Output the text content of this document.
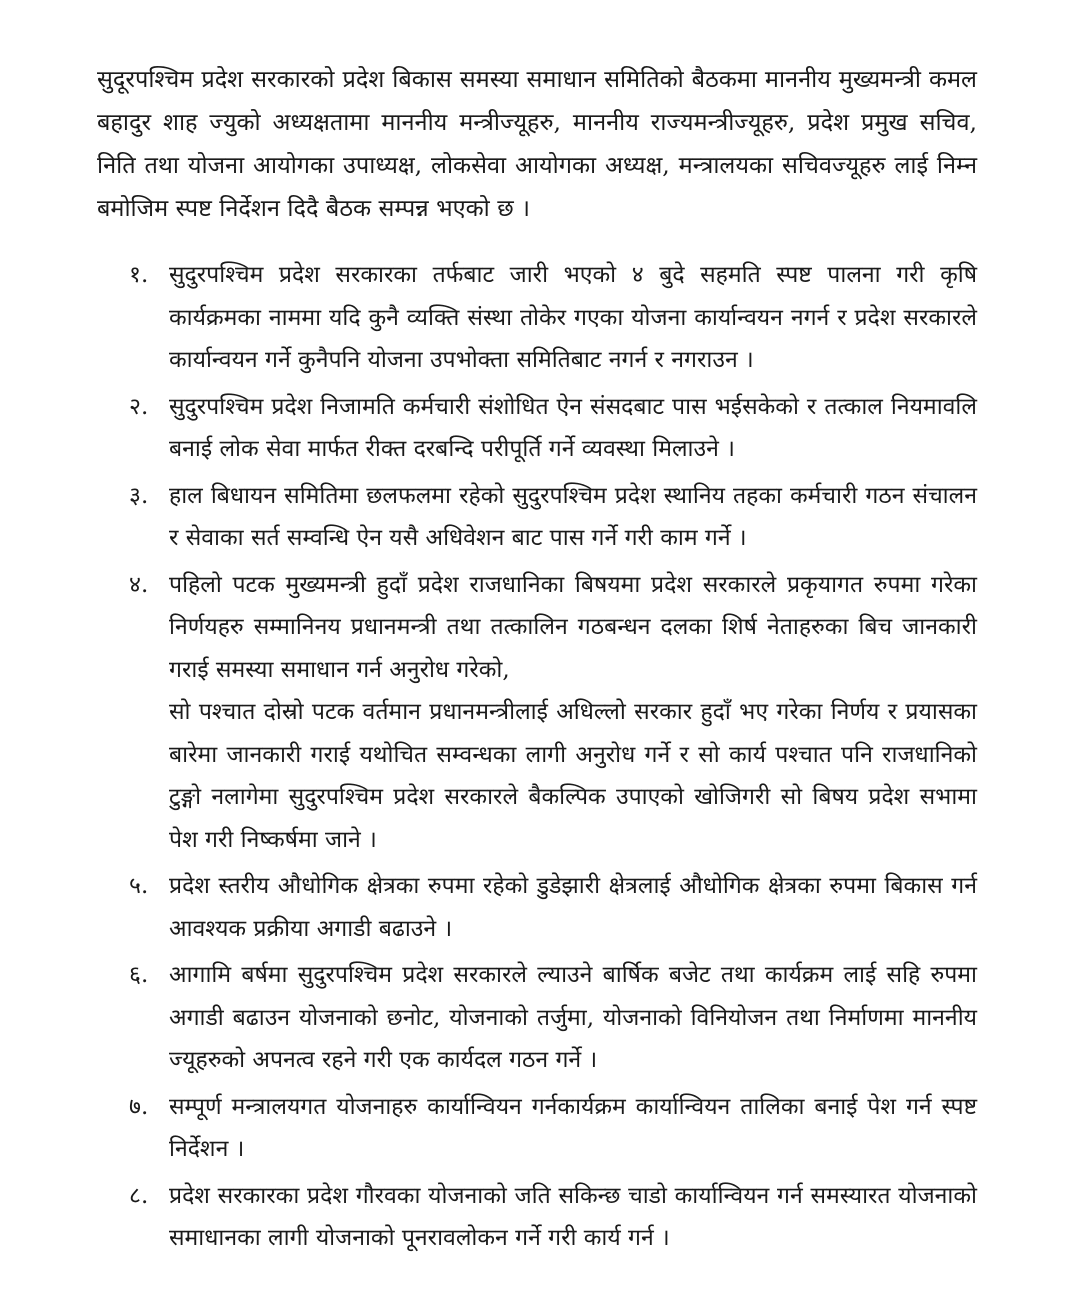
सुदूरपश्चिम प्रदेश सरकारको प्रदेश बिकास समस्या समाधान समितिको बैठकमा माननीय मुख्यमन्त्री कमल बहादुर शाह ज्युको अध्यक्षतामा माननीय मन्त्रीज्यूहरु, माननीय राज्यमन्त्रीज्यूहरु, प्रदेश प्रमुख सचिव, निति तथा योजना आयोगका उपाध्यक्ष, लोकसेवा आयोगका अध्यक्ष, मन्त्रालयका सचिवज्यूहरु लाई निम्न बमोजिम स्पष्ट निर्देशन दिदै बैठक सम्पन्न भएको छ ।

१. सुदुरपश्चिम प्रदेश सरकारका तर्फबाट जारी भएको ४ बुदे सहमति स्पष्ट पालना गरी कृषि कार्यक्रमका नाममा यदि कुनै व्यक्ति संस्था तोकेर गएका योजना कार्यान्वयन नगर्न र प्रदेश सरकारले कार्यान्वयन गर्ने कुनैपनि योजना उपभोक्ता समितिबाट नगर्न र नगराउन ।

२. सुदुरपश्चिम प्रदेश निजामति कर्मचारी संशोधित ऐन संसदबाट पास भईसकेको र तत्काल नियमावलि बनाई लोक सेवा मार्फत रीक्त दरबन्दि परीपूर्ति गर्ने व्यवस्था मिलाउने ।

३. हाल बिधायन समितिमा छलफलमा रहेको सुदुरपश्चिम प्रदेश स्थानिय तहका कर्मचारी गठन संचालन र सेवाका सर्त सम्वन्धि ऐन यसै अधिवेशन बाट पास गर्ने गरी काम गर्ने ।

४. पहिलो पटक मुख्यमन्त्री हुदाँ प्रदेश राजधानिका बिषयमा प्रदेश सरकारले प्रकृयागत रुपमा गरेका निर्णयहरु सम्मानिनय प्रधानमन्त्री तथा तत्कालिन गठबन्धन दलका शिर्ष नेताहरुका बिच जानकारी गराई समस्या समाधान गर्न अनुरोध गरेको,

सो पश्चात दोस्रो पटक वर्तमान प्रधानमन्त्रीलाई अधिल्लो सरकार हुदाँ भए गरेका निर्णय र प्रयासका बारेमा जानकारी गराई यथोचित सम्वन्धका लागी अनुरोध गर्ने र सो कार्य पश्चात पनि राजधानिको टुङ्गो नलागेमा सुदुरपश्चिम प्रदेश सरकारले बैकल्पिक उपाएको खोजिगरी सो बिषय प्रदेश सभामा पेश गरी निष्कर्षमा जाने ।

५. प्रदेश स्तरीय औधोगिक क्षेत्रका रुपमा रहेको डुडेझारी क्षेत्रलाई औधोगिक क्षेत्रका रुपमा बिकास गर्न आवश्यक प्रक्रीया अगाडी बढाउने ।

६. आगामि बर्षमा सुदुरपश्चिम प्रदेश सरकारले ल्याउने बार्षिक बजेट तथा कार्यक्रम लाई सहि रुपमा अगाडी बढाउन योजनाको छनोट, योजनाको तर्जुमा, योजनाको विनियोजन तथा निर्माणमा माननीय ज्यूहरुको अपनत्व रहने गरी एक कार्यदल गठन गर्ने ।

७. सम्पूर्ण मन्त्रालयगत योजनाहरु कार्यान्वियन गर्नकार्यक्रम कार्यान्वियन तालिका बनाई पेश गर्न स्पष्ट निर्देशन ।

८. प्रदेश सरकारका प्रदेश गौरवका योजनाको जति सकिन्छ चाडो कार्यान्वियन गर्न समस्यारत योजनाको समाधानका लागी योजनाको पूनरावलोकन गर्ने गरी कार्य गर्न ।
